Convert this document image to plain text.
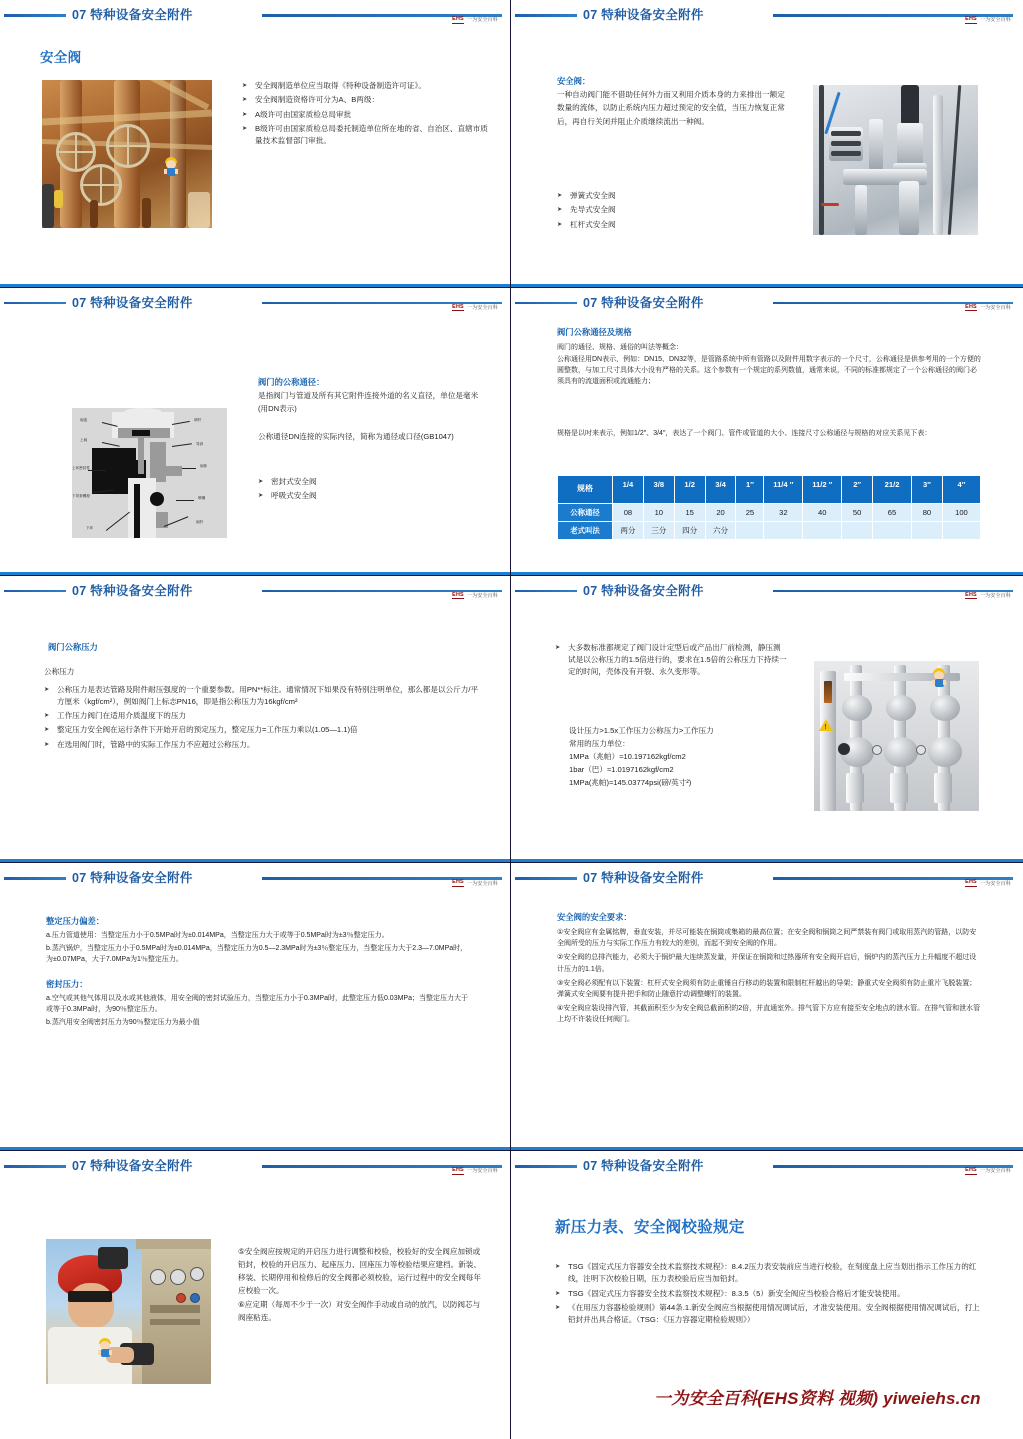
07 特种设备安全附件	EHS 一为安全百科
安全阀
➤ 安全阀制造单位应当取得《特种设备制造许可证》。
➤ 安全阀制造资格许可分为A、B两级：
➤ A级许可由国家质检总局审批
➤ B级许可由国家质检总局委托制造单位所在地的省、自治区、直辖市质量技术监督部门审批。
07 特种设备安全附件	EHS 一为安全百科
安全阀：
一种自动阀门能不借助任何外力而又利用介质本身的力来排出一额定数量的流体，以防止系统内压力超过预定的安全值，当压力恢复正常后，再自行关闭并阻止介质继续流出一种阀。
➤ 弹簧式安全阀
➤ 先导式安全阀
➤ 杠杆式安全阀
07 特种设备安全附件	EHS 一为安全百科
阀盖
上阀
上环密封性
下导套螺栓
下环
调杆
导套
阀体
喷嘴
阀杆
阀门的公称通径：
是指阀门与管道及所有其它附件连接外道的名义直径，单位是毫米(用DN表示)
公称通径DN连接的实际内径，简称为通径或口径(GB1047)
➤ 密封式安全阀
➤ 呼吸式安全阀
07 特种设备安全附件	EHS 一为安全百科
阀门公称通径及规格
阀门的通径、规格、通俗的叫法等概念：
公称通径用DN表示，例如：DN15、DN32等，是管路系统中所有管路以及附件用数字表示的一个尺寸，公称通径是供参考用的一个方便的圆整数，与加工尺寸具体大小没有严格的关系。这个参数有一个规定的系列数值，通常来说，不同的标准都规定了一个公称通径的阀门必须具有的流道面积或流通能力；
规格是以吋来表示，例如1/2″、3/4″，表达了一个阀门、管件或管道的大小、连接尺寸公称通径与规格的对应关系见下表：
规格	1/4	3/8	1/2	3/4	1″	11/4 ″	11/2 ″	2″	21/2	3″	4″
公称通径	08	10	15	20	25	32	40	50	65	80	100
老式叫法	两分	三分	四分	六分							
07 特种设备安全附件	EHS 一为安全百科
阀门公称压力
公称压力
➤ 公称压力是表达管路及附件耐压强度的一个重要参数。用PN**标注。通常情况下如果没有特别注明单位，那么都是以公斤力/平方厘米（kgf/cm²），例如阀门上标志PN16，即是指公称压力为16kgf/cm²
➤ 工作压力阀门在适用介质温度下的压力
➤ 整定压力安全阀在运行条件下开始开启的预定压力，整定压力=工作压力乘以(1.05—1.1)倍
➤ 在选用阀门时，管路中的实际工作压力不应超过公称压力。
07 特种设备安全附件	EHS 一为安全百科
➤ 大多数标准都规定了阀门设计定型后或产品出厂前检测，静压测试是以公称压力的1.5倍进行的，要求在1.5倍的公称压力下持续一定的时间，壳体没有开裂、永久变形等。
设计压力>1.5x工作压力公称压力>工作压力
常用的压力单位：
1MPa（兆帕）≈10.197162kgf/cm2
1bar（巴）≈1.0197162kgf/cm2
1MPa(兆帕)≈145.03774psi(磅/英寸²)
!
07 特种设备安全附件	EHS 一为安全百科
整定压力偏差：
a.压力管道使用：当整定压力小于0.5MPa时为±0.014MPa，当整定压力大于或等于0.5MPa时为±3％整定压力。
b.蒸汽锅炉，当整定压力小于0.5MPa时为±0.014MPa，当整定压力为0.5—2.3MPa时为±3％整定压力，当整定压力大于2.3—7.0MPa时，为±0.07MPa，大于7.0MPa为1％整定压力。
密封压力：
a.空气或其他气体用以及水或其他液体，用安全阀的密封试验压力，当整定压力小于0.3MPa时，此整定压力低0.03MPa；当整定压力大于或等于0.3MPa时，为90％整定压力。
b.蒸汽用安全阀密封压力为90％整定压力为最小值
07 特种设备安全附件	EHS 一为安全百科
安全阀的安全要求：
①安全阀应有金属铭牌，垂直安装，并尽可能装在锅筒或集箱的最高位置；在安全阀和锅筒之间严禁装有阀门或取用蒸汽的管路，以防安全阀所受的压力与实际工作压力有较大的差别，而起不到安全阀的作用。
②安全阀的总排汽能力，必须大于锅炉最大连续蒸发量，并保证在锅筒和过热器所有安全阀开启后，锅炉内的蒸汽压力上升幅度不超过设计压力的1.1倍。
③安全阀必须配有以下装置：杠杆式安全阀须有防止重锤自行移动的装置和限制杠杆越出的导架；静重式安全阀须有防止重片飞脱装置；弹簧式安全阀要有提升把手和防止随意拧动调整螺钉的装置。
④安全阀应装设排汽管，其截面积至少为安全阀总截面积的2倍，并直通室外。排气管下方应有接至安全地点的泄水管。在排气管和泄水管上均不许装设任何阀门。
07 特种设备安全附件	EHS 一为安全百科
⑤安全阀应按规定的开启压力进行调整和校验，校验好的安全阀应加锁或铅封，校验的开启压力、起座压力、回座压力等校验结果应建档。新装、移装、长期停用和检修后的安全阀都必须校验，运行过程中的安全阀每年应校验一次。
⑥应定期（每周不少于一次）对安全阀作手动或自动的放汽，以防阀芯与阀座粘连。
07 特种设备安全附件	EHS 一为安全百科
新压力表、安全阀校验规定
➤ TSG《固定式压力容器安全技术监察技术规程》：8.4.2压力表安装前应当进行校验，在刻度盘上应当划出指示工作压力的红线，注明下次校验日期，压力表校验后应当加铅封。
➤ TSG《固定式压力容器安全技术监察技术规程》：8.3.5（5）新安全阀应当校验合格后才能安装使用。
➤ 《在用压力容器检验规则》第44条.1.新安全阀应当根据使用情况调试后，才准安装使用。安全阀根据使用情况调试后，打上铅封并出具合格证。（TSG：《压力容器定期检验规则》）
一为安全百科(EHS资料 视频) yiweiehs.cn
